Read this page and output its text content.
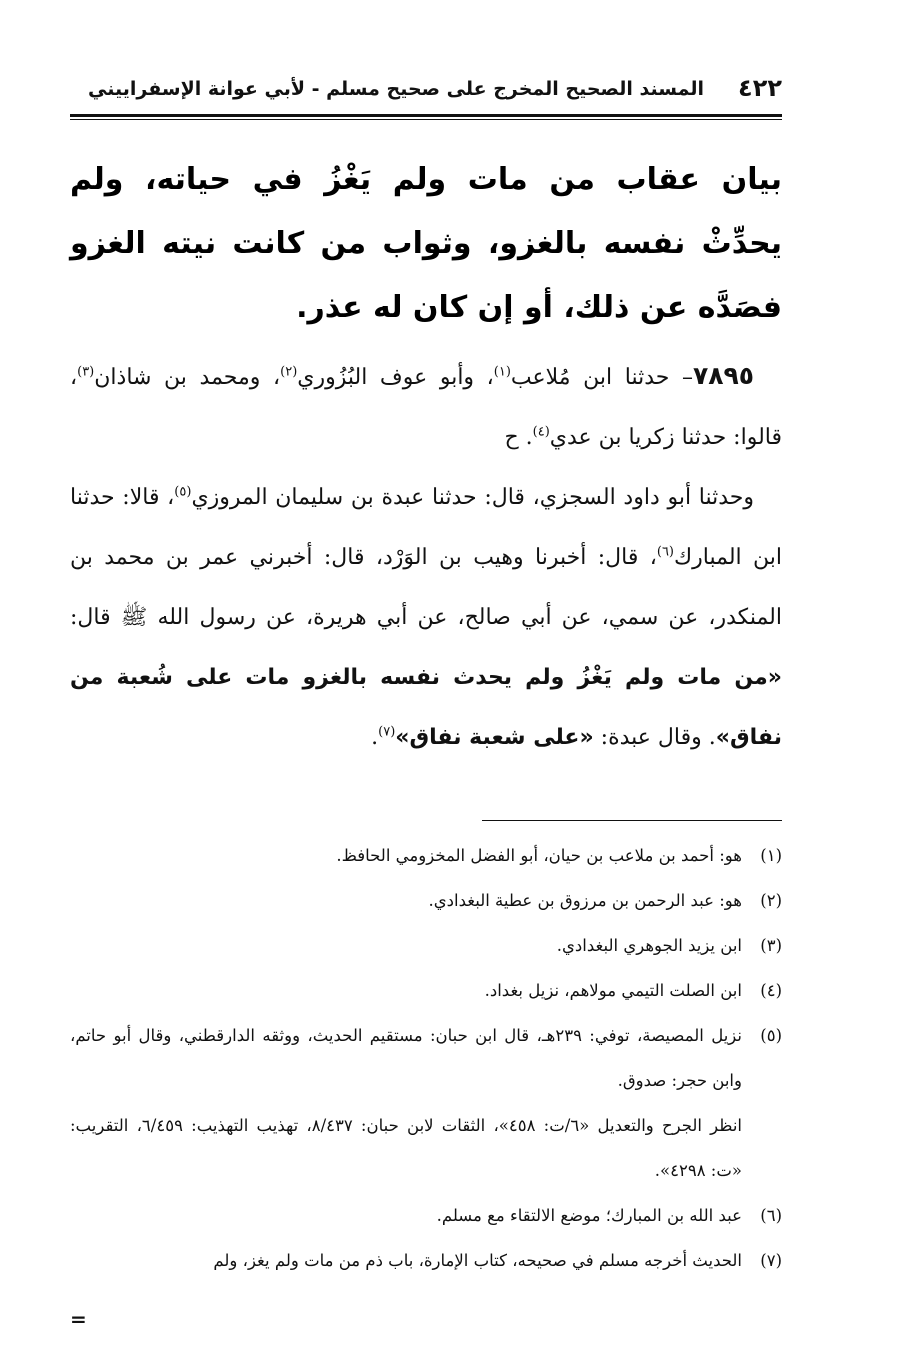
٤٢٢
المسند الصحيح المخرج على صحيح مسلم - لأبي عوانة الإسفراييني
بيان عقاب من مات ولم يَغْزُ في حياته، ولم يحدِّثْ نفسه بالغزو، وثواب من كانت نيته الغزو فصَدَّه عن ذلك، أو إن كان له عذر.

٧٨٩٥– حدثنا ابن مُلاعب$^{(١)}$، وأبو عوف البُزُوري$^{(٢)}$، ومحمد بن شاذان$^{(٣)}$، قالوا: حدثنا زكريا بن عدي$^{(٤)}$. ح

وحدثنا أبو داود السجزي، قال: حدثنا عبدة بن سليمان المروزي$^{(٥)}$، قالا: حدثنا ابن المبارك$^{(٦)}$، قال: أخبرنا وهيب بن الوَرْد، قال: أخبرني عمر بن محمد بن المنكدر، عن سمي، عن أبي صالح، عن أبي هريرة، عن رسول الله ﷺ قال: «من مات ولم يَغْزُ ولم يحدث نفسه بالغزو مات على شُعبة من نفاق». وقال عبدة: «على شعبة نفاق»$^{(٧)}$.

(١)
هو: أحمد بن ملاعب بن حيان، أبو الفضل المخزومي الحافظ.
(٢)
هو: عبد الرحمن بن مرزوق بن عطية البغدادي.
(٣)
ابن يزيد الجوهري البغدادي.
(٤)
ابن الصلت التيمي مولاهم، نزيل بغداد.
(٥)
نزيل المصيصة، توفي: ٢٣٩هـ، قال ابن حبان: مستقيم الحديث، ووثقه الدارقطني، وقال أبو حاتم، وابن حجر: صدوق.
انظر الجرح والتعديل «٦/ت: ٤٥٨»، الثقات لابن حبان: ٨/٤٣٧، تهذيب التهذيب: ٦/٤٥٩، التقريب: «ت: ٤٢٩٨».
(٦)
عبد الله بن المبارك؛ موضع الالتقاء مع مسلم.
(٧)
الحديث أخرجه مسلم في صحيحه، كتاب الإمارة، باب ذم من مات ولم يغز، ولم
=
